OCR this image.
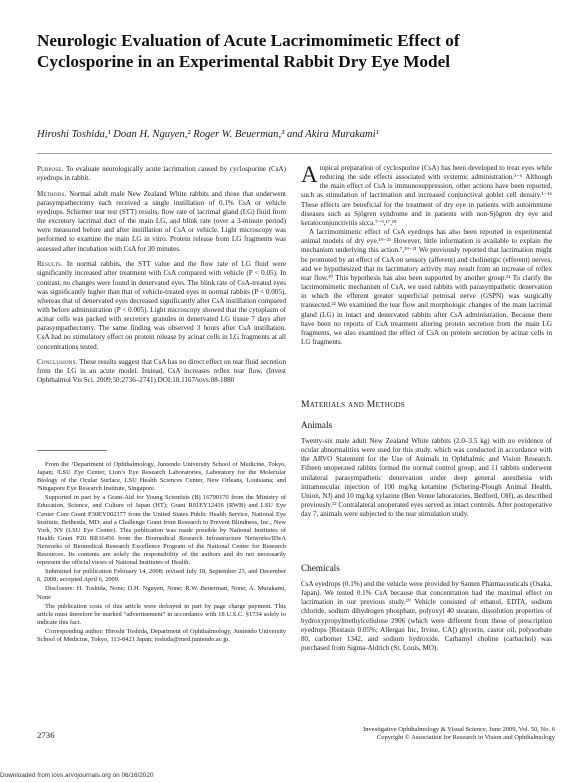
Neurologic Evaluation of Acute Lacrimomimetic Effect of Cyclosporine in an Experimental Rabbit Dry Eye Model
Hiroshi Toshida,¹ Doan H. Nguyen,² Roger W. Beuerman,³ and Akira Murakami¹

Purpose. To evaluate neurologically acute lacrimation caused by cyclosporine (CsA) eyedrops in rabbit.

Methods. Normal adult male New Zealand White rabbits and those that underwent parasympathectomy each received a single instillation of 0.1% CsA or vehicle eyedrops. Schirmer tear test (STT) results, flow rate of lacrimal gland (LG) fluid from the excretory lacrimal duct of the main LG, and blink rate (over a 3-minute period) were measured before and after instillation of CsA or vehicle. Light microscopy was performed to examine the main LG in vitro. Protein release from LG fragments was assessed after incubation with CsA for 30 minutes.

Results. In normal rabbits, the STT value and the flow rate of LG fluid were significantly increased after treatment with CsA compared with vehicle (P < 0.05). In contrast, no changes were found in denervated eyes. The blink rate of CsA-treated eyes was significantly higher than that of vehicle-treated eyes in normal rabbits (P < 0.005), whereas that of denervated eyes decreased significantly after CsA instillation compared with before administration (P < 0.005). Light microscopy showed that the cytoplasm of acinar cells was packed with secretory granules in denervated LG tissue 7 days after parasympathectomy. The same finding was observed 3 hours after CsA instillation. CsA had no stimulatory effect on protein release by acinar cells in LG fragments at all concentrations tested.

Conclusions. These results suggest that CsA has no direct effect on tear fluid secretion from the LG in an acute model. Instead, CsA increases reflex tear flow. (Invest Ophthalmol Vis Sci. 2009;50:2736–2741) DOI:10.1167/iovs.08-1880

Atopical preparation of cyclosporine (CsA) has been developed to treat eyes while reducing the side effects associated with systemic administration.¹⁻⁶ Although the main effect of CsA is immunosuppression, other actions have been reported, such as stimulation of lacrimation and increased conjunctival goblet cell density.¹⁻¹⁶ These effects are beneficial for the treatment of dry eye in patients with autoimmune diseases such as Sjögren syndrome and in patients with non-Sjögren dry eye and keratoconjunctivitis sicca.⁷⁻⁹,¹⁷,¹⁸

A lacrimomimetic effect of CsA eyedrops has also been reported in experimental animal models of dry eye.¹⁹⁻²¹ However, little information is available to explain the mechanism underlying this action.⁷,¹⁹⁻²¹ We previously reported that lacrimation might be promoted by an effect of CsA on sensory (afferent) and cholinergic (efferent) nerves, and we hypothesized that its lacrimatory activity may result from an increase of reflex tear flow.²⁰ This hypothesis has also been supported by another group.²¹ To clarify the lacrimomimetic mechanism of CsA, we used rabbits with parasympathetic denervation in which the efferent greater superficial petrosal nerve (GSPN) was surgically transected.²² We examined the tear flow and morphologic changes of the main lacrimal gland (LG) in intact and denervated rabbits after CsA administration. Because there have been no reports of CsA treatment altering protein secretion from the main LG fragments, we also examined the effect of CsA on protein secretion by acinar cells in LG fragments.

Materials and Methods
Animals
Twenty-six male adult New Zealand White rabbits (2.0–3.5 kg) with no evidence of ocular abnormalities were used for this study, which was conducted in accordance with the ARVO Statement for the Use of Animals in Ophthalmic and Vision Research. Fifteen unoperated rabbits formed the normal control group, and 11 rabbits underwent unilateral parasympathetic denervation under deep general anesthesia with intramuscular injection of 100 mg/kg ketamine (Schering-Plough Animal Health, Union, NJ) and 10 mg/kg xylazine (Ben Venue laboratories, Bedford, OH), as described previously.²² Contralateral unoperated eyes served as intact controls. After postoperative day 7, animals were subjected to the tear stimulation study.
Chemicals
CsA eyedrops (0.1%) and the vehicle were provided by Santen Pharmaceuticals (Osaka, Japan). We tested 0.1% CsA because that concentration had the maximal effect on lacrimation in our previous study.²⁰ Vehicle consisted of ethanol, EDTA, sodium chloride, sodium dihydrogen phosphate, polyoxyl 40 stearate, dissolution properties of hydroxypropylmethylcellulose 2906 (which were different from those of prescription eyedrops [Restasis 0.05%; Allergan Inc, Irvine, CA]) glycerin, castor oil, polysorbate 80, carbomer 1342, and sodium hydroxide. Carbamyl choline (carbachol) was purchased from Sigma-Aldrich (St. Louis, MO).

From the ¹Department of Ophthalmology, Juntendo University School of Medicine, Tokyo, Japan; ²LSU Eye Center, Lion’s Eye Research Laboratories, Laboratory for the Molecular Biology of the Ocular Surface, LSU Health Sciences Center, New Orleans, Louisiana; and ³Singapore Eye Research Institute, Singapore.

Supported in part by a Grant-Aid for Young Scientists (B) 16790170 from the Ministry of Education, Science, and Culture of Japan (HT); Grant R01EY12416 (RWB) and LSU Eye Center Core Grant P30EY002377 from the United States Public Health Service, National Eye Institute, Bethesda, MD; and a Challenge Grant from Research to Prevent Blindness, Inc., New York, NY (LSU Eye Center). This publication was made possible by National Institutes of Health Grant P20 RR16456 from the Biomedical Research Infrastructure Networks/IDeA Networks of Biomedical Research Excellence Program of the National Center for Research Resources. Its contents are solely the responsibility of the authors and do not necessarily represent the official views of National Institutes of Health.

Submitted for publication February 14, 2008; revised July 18, September 23, and December 6, 2008; accepted April 6, 2009.

Disclosure: H. Toshida, None; D.H. Nguyen, None; R.W. Beuerman, None; A. Murakami, None

The publication costs of this article were defrayed in part by page charge payment. This article must therefore be marked “advertisement” in accordance with 18 U.S.C. §1734 solely to indicate this fact.

Corresponding author: Hiroshi Toshida, Department of Ophthalmology, Juntendo University School of Medicine, Tokyo, 113-8421 Japan; toshida@med.juntendo.ac.jp.

2736
Investigative Ophthalmology & Visual Science, June 2009, Vol. 50, No. 6
Copyright © Association for Research in Vision and Ophthalmology
Downloaded from iovs.arvojournals.org on 06/16/2020
